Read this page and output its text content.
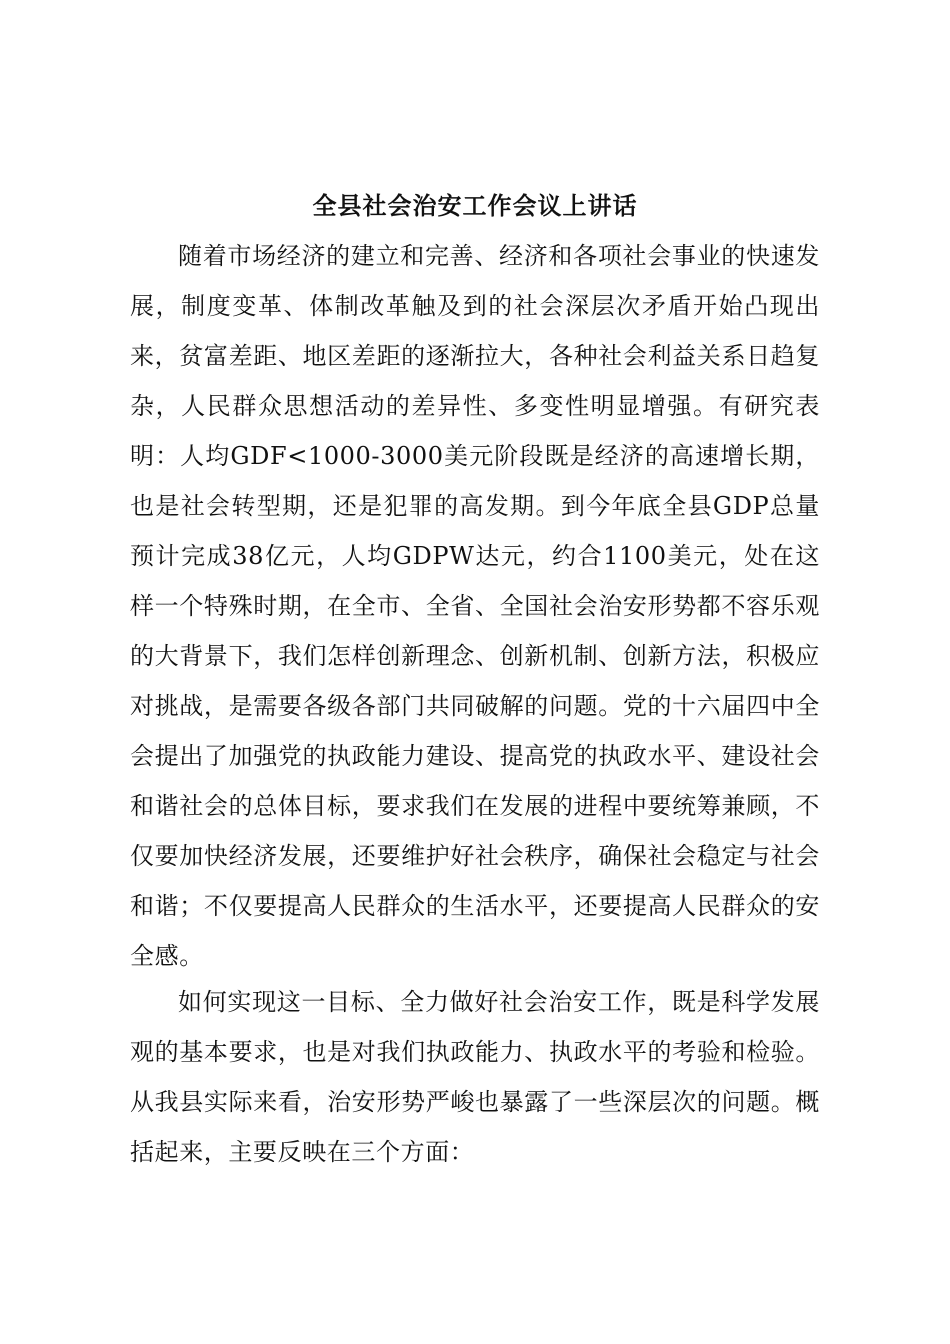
全县社会治安工作会议上讲话

随着市场经济的建立和完善、经济和各项社会事业的快速发展，制度变革、体制改革触及到的社会深层次矛盾开始凸现出来，贫富差距、地区差距的逐渐拉大，各种社会利益关系日趋复杂，人民群众思想活动的差异性、多变性明显增强。有研究表明：人均GDF<1000-3000美元阶段既是经济的高速增长期，也是社会转型期，还是犯罪的高发期。到今年底全县GDP总量预计完成38亿元，人均GDPW达元，约合1100美元，处在这样一个特殊时期，在全市、全省、全国社会治安形势都不容乐观的大背景下，我们怎样创新理念、创新机制、创新方法，积极应对挑战，是需要各级各部门共同破解的问题。党的十六届四中全会提出了加强党的执政能力建设、提高党的执政水平、建设社会和谐社会的总体目标，要求我们在发展的进程中要统筹兼顾，不仅要加快经济发展，还要维护好社会秩序，确保社会稳定与社会和谐；不仅要提高人民群众的生活水平，还要提高人民群众的安全感。

如何实现这一目标、全力做好社会治安工作，既是科学发展观的基本要求，也是对我们执政能力、执政水平的考验和检验。从我县实际来看，治安形势严峻也暴露了一些深层次的问题。概括起来，主要反映在三个方面：
